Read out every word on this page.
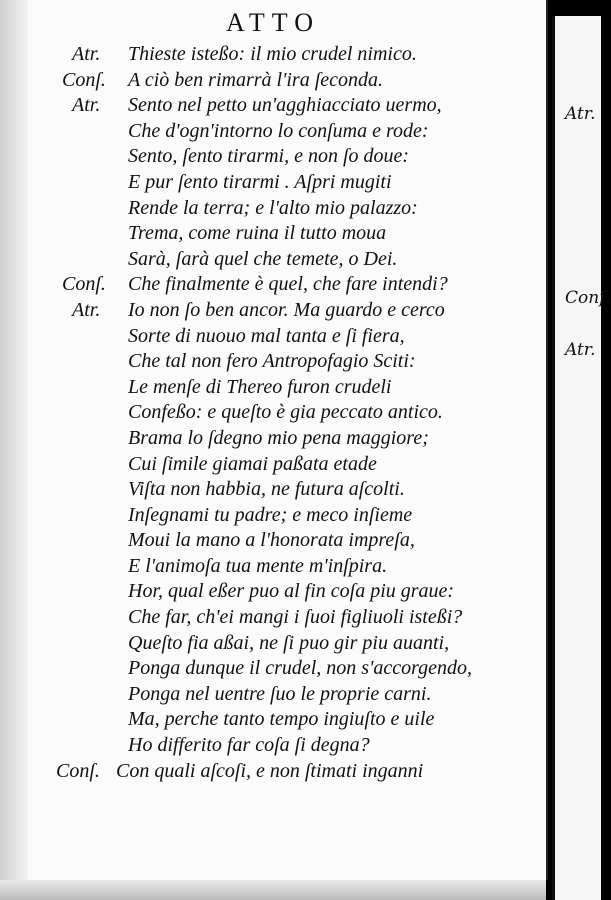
ATTO
Atr. Thieste isteßo: il mio crudel nimico.
Conſ. A ciò ben rimarrà l'ira ſeconda.
Atr. Sento nel petto un'agghiacciato uermo,
Che d'ogn'intorno lo conſuma e rode:
Sento, ſento tirarmi, e non ſo doue:
E pur ſento tirarmi . Aſpri mugiti
Rende la terra; e l'alto mio palazzo:
Trema, come ruina il tutto moua
Sarà, ſarà quel che temete, o Dei.
Conſ. Che finalmente è quel, che fare intendi?
Atr. Io non ſo ben ancor. Ma guardo e cerco
Sorte di nuouo mal tanta e ſi fiera,
Che tal non fero Antropofagio Sciti:
Le menſe di Thereo furon crudeli
Confeßo: e queſto è gia peccato antico.
Brama lo ſdegno mio pena maggiore;
Cui ſimile giamai paßata etade
Viſta non habbia, ne futura aſcolti.
Inſegnami tu padre; e meco inſieme
Moui la mano a l'honorata impreſa,
E l'animoſa tua mente m'inſpira.
Hor, qual eßer puo al fin coſa piu graue:
Che far, ch'ei mangi i ſuoi figliuoli isteßi?
Queſto fia aßai, ne ſi puo gir piu auanti,
Ponga dunque il crudel, non s'accorgendo,
Ponga nel uentre ſuo le proprie carni.
Ma, perche tanto tempo ingiuſto e uile
Ho differito far coſa ſi degna?
Conſ. Con quali aſcoſi, e non ſtimati inganni
Atr.
Conſ.
Atr.
